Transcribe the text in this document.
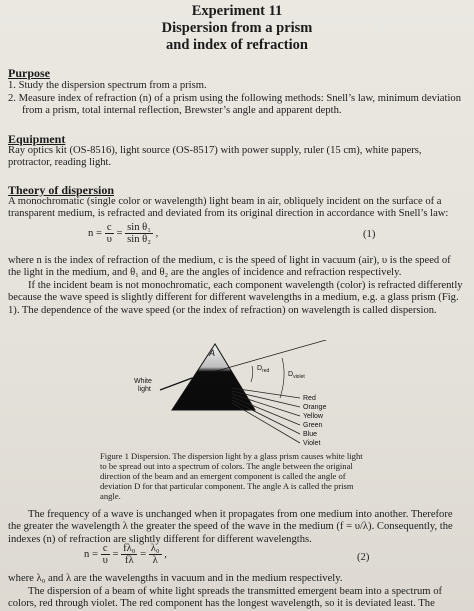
Experiment 11
Dispersion from a prism
and index of refraction
Purpose
1. Study the dispersion spectrum from a prism.
2. Measure index of refraction (n) of a prism using the following methods: Snell’s law, minimum deviation from a prism, total internal reflection, Brewster’s angle and apparent depth.
Equipment
Ray optics kit (OS-8516), light source (OS-8517) with power supply, ruler (15 cm), white papers, protractor, reading light.
Theory of dispersion
A monochromatic (single color or wavelength) light beam in air, obliquely incident on the surface of a transparent medium, is refracted and deviated from its original direction in accordance with Snell’s law:
$n = \frac{c}{\upsilon} = \frac{\text{sin θ₁}}{\text{sin θ₂}}$ ,	(1)
where n is the index of refraction of the medium, c is the speed of light in vacuum (air), υ is the speed of the light in the medium, and θ₁ and θ₂ are the angles of incidence and refraction respectively.
If the incident beam is not monochromatic, each component wavelength (color) is refracted differently because the wave speed is slightly different for different wavelengths in a medium, e.g. a glass prism (Fig. 1). The dependence of the wave speed (or the index of refraction) on wavelength is called dispersion.
A
White
light
$D_{red}$	$D_{violet}$
Red
Orange
Yellow
Green
Blue
Violet
Figure 1 Dispersion. The dispersion light by a glass prism causes white light to be spread out into a spectrum of colors. The angle between the original direction of the beam and an emergent component is called the angle of deviation D for that particular component. The angle A is called the prism angle.
The frequency of a wave is unchanged when it propagates from one medium into another. Therefore the greater the wavelength λ the greater the speed of the wave in the medium (f = υ/λ). Consequently, the indexes (n) of refraction are slightly different for different wavelengths.
$n = \frac{c}{\upsilon} = \frac{\text{fλ₀}}{f\lambda} = \frac{\text{λ₀}}{\lambda}$ ,	(2)
where λ₀ and λ are the wavelengths in vacuum and in the medium respectively.
The dispersion of a beam of white light spreads the transmitted emergent beam into a spectrum of colors, red through violet. The red component has the longest wavelength, so it is deviated least. The
